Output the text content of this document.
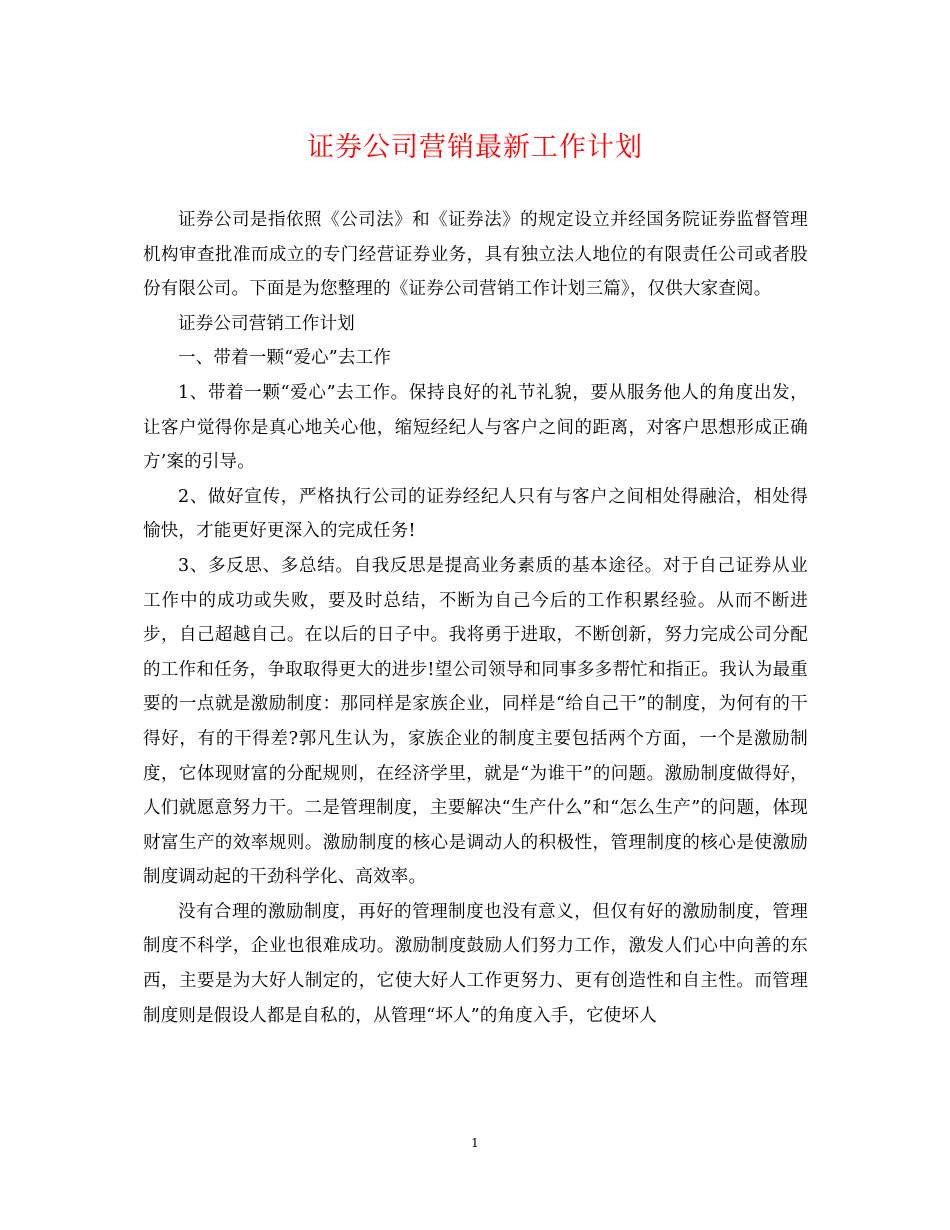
证券公司营销最新工作计划

证券公司是指依照《公司法》和《证券法》的规定设立并经国务院证券监督管理机构审查批准而成立的专门经营证券业务，具有独立法人地位的有限责任公司或者股份有限公司。下面是为您整理的《证券公司营销工作计划三篇》，仅供大家查阅。

证券公司营销工作计划

一、带着一颗“爱心”去工作

1、带着一颗“爱心”去工作。保持良好的礼节礼貌，要从服务他人的角度出发，让客户觉得你是真心地关心他，缩短经纪人与客户之间的距离，对客户思想形成正确方’案的引导。

2、做好宣传，严格执行公司的证券经纪人只有与客户之间相处得融洽，相处得愉快，才能更好更深入的完成任务!

3、多反思、多总结。自我反思是提高业务素质的基本途径。对于自己证券从业工作中的成功或失败，要及时总结，不断为自己今后的工作积累经验。从而不断进步，自己超越自己。在以后的日子中。我将勇于进取，不断创新，努力完成公司分配的工作和任务，争取取得更大的进步!望公司领导和同事多多帮忙和指正。我认为最重要的一点就是激励制度：那同样是家族企业，同样是“给自己干”的制度，为何有的干得好，有的干得差?郭凡生认为，家族企业的制度主要包括两个方面，一个是激励制度，它体现财富的分配规则，在经济学里，就是“为谁干”的问题。激励制度做得好，人们就愿意努力干。二是管理制度，主要解决“生产什么”和“怎么生产”的问题，体现财富生产的效率规则。激励制度的核心是调动人的积极性，管理制度的核心是使激励制度调动起的干劲科学化、高效率。

没有合理的激励制度，再好的管理制度也没有意义，但仅有好的激励制度，管理制度不科学，企业也很难成功。激励制度鼓励人们努力工作，激发人们心中向善的东西，主要是为大好人制定的，它使大好人工作更努力、更有创造性和自主性。而管理制度则是假设人都是自私的，从管理“坏人”的角度入手，它使坏人

1
